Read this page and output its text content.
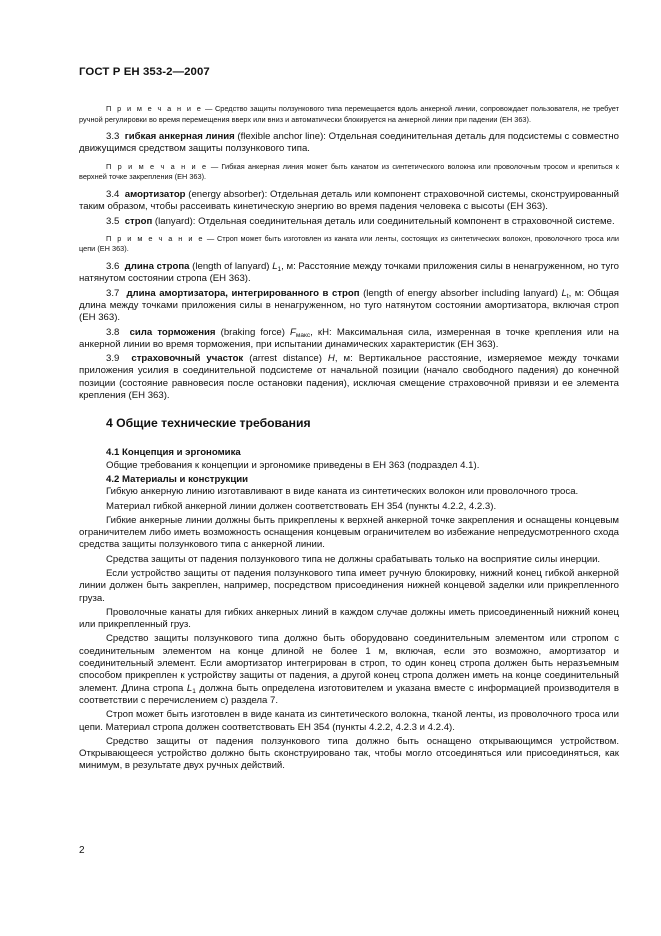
ГОСТ Р ЕН 353-2—2007

П р и м е ч а н и е — Средство защиты ползункового типа перемещается вдоль анкерной линии, сопровождает пользователя, не требует ручной регулировки во время перемещения вверх или вниз и автоматически блокируется на анкерной линии при падении (ЕН 363).

3.3 гибкая анкерная линия (flexible anchor line): Отдельная соединительная деталь для подсистемы с совместно движущимся средством защиты ползункового типа.

П р и м е ч а н и е — Гибкая анкерная линия может быть канатом из синтетического волокна или проволочным тросом и крепиться к верхней точке закрепления (ЕН 363).

3.4 амортизатор (energy absorber): Отдельная деталь или компонент страховочной системы, сконструированный таким образом, чтобы рассеивать кинетическую энергию во время падения человека с высоты (ЕН 363).

3.5 строп (lanyard): Отдельная соединительная деталь или соединительный компонент в страховочной системе.

П р и м е ч а н и е — Строп может быть изготовлен из каната или ленты, состоящих из синтетических волокон, проволочного троса или цепи (ЕН 363).

3.6 длина стропа (length of lanyard) $L_1$, м: Расстояние между точками приложения силы в ненагруженном, но туго натянутом состоянии стропа (ЕН 363).

3.7 длина амортизатора, интегрированного в строп (length of energy absorber including lanyard) $L_t$, м: Общая длина между точками приложения силы в ненагруженном, но туго натянутом состоянии амортизатора, включая строп (ЕН 363).

3.8 сила торможения (braking force) $F_{макс}$, кН: Максимальная сила, измеренная в точке крепления или на анкерной линии во время торможения, при испытании динамических характеристик (ЕН 363).

3.9 страховочный участок (arrest distance) H, м: Вертикальное расстояние, измеряемое между точками приложения усилия в соединительной подсистеме от начальной позиции (начало свободного падения) до конечной позиции (состояние равновесия после остановки падения), исключая смещение страховочной привязи и ее элемента крепления (ЕН 363).

4 Общие технические требования

4.1 Концепция и эргономика

Общие требования к концепции и эргономике приведены в ЕН 363 (подраздел 4.1).

4.2 Материалы и конструкции

Гибкую анкерную линию изготавливают в виде каната из синтетических волокон или проволочного троса.

Материал гибкой анкерной линии должен соответствовать ЕН 354 (пункты 4.2.2, 4.2.3).

Гибкие анкерные линии должны быть прикреплены к верхней анкерной точке закрепления и оснащены концевым ограничителем либо иметь возможность оснащения концевым ограничителем во избежание непредусмотренного схода средства защиты ползункового типа с анкерной линии.

Средства защиты от падения ползункового типа не должны срабатывать только на восприятие силы инерции.

Если устройство защиты от падения ползункового типа имеет ручную блокировку, нижний конец гибкой анкерной линии должен быть закреплен, например, посредством присоединения нижней концевой заделки или прикрепленного груза.

Проволочные канаты для гибких анкерных линий в каждом случае должны иметь присоединенный нижний конец или прикрепленный груз.

Средство защиты ползункового типа должно быть оборудовано соединительным элементом или стропом с соединительным элементом на конце длиной не более 1 м, включая, если это возможно, амортизатор и соединительный элемент. Если амортизатор интегрирован в строп, то один конец стропа должен быть неразъемным способом прикреплен к устройству защиты от падения, а другой конец стропа должен иметь на конце соединительный элемент. Длина стропа $L_1$ должна быть определена изготовителем и указана вместе с информацией производителя в соответствии с перечислением с) раздела 7.

Строп может быть изготовлен в виде каната из синтетического волокна, тканой ленты, из проволочного троса или цепи. Материал стропа должен соответствовать ЕН 354 (пункты 4.2.2, 4.2.3 и 4.2.4).

Средство защиты от падения ползункового типа должно быть оснащено открывающимся устройством. Открывающееся устройство должно быть сконструировано так, чтобы могло отсоединяться или присоединяться, как минимум, в результате двух ручных действий.

2
